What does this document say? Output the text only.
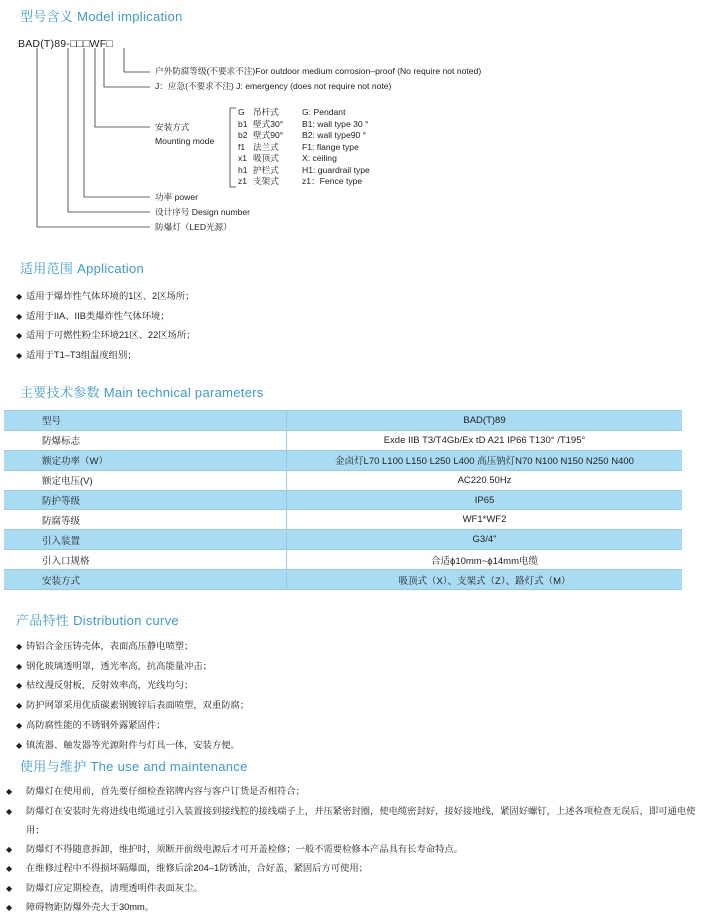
型号含义 Model implication
BAD(T)89-□□□WF□
户外防腐等级(不要求不注)For outdoor medium corrosion–proof (No require not noted)
J：应急(不要求不注) J: emergency (does not require not note)
安装方式
Mounting mode
功率 power
设计序号 Design number
防爆灯（LED光源）
G 吊杆式	G: Pendant
b1 壁式30°	B1: wall type 30 °
b2 壁式90°	B2: wall type90 °
f1 法兰式	F1: flange type
x1 吸顶式	X: ceiling
h1 护栏式	H1: guardrail type
z1 支架式	z1：Fence type
适用范围 Application
◆ 适用于爆炸性气体环境的1区、2区场所；
◆ 适用于IIA、IIB类爆炸性气体环境；
◆ 适用于可燃性粉尘环境21区、22区场所；
◆ 适用于T1–T3组温度组别；
主要技术参数 Main technical parameters
型号	BAD(T)89
防爆标志	Exde IIB T3/T4Gb/Ex tD A21 IP66 T130° /T195°
额定功率（W）	金卤灯L70 L100 L150 L250 L400 高压钠灯N70 N100 N150 N250 N400
额定电压(V)	AC220 50Hz
防护等级	IP65
防腐等级	WF1*WF2
引入装置	G3/4"
引入口规格	合适ϕ10mm~ϕ14mm电缆
安装方式	吸顶式（X）、支架式（Z）、路灯式（M）
产品特性 Distribution curve
◆ 铸铝合金压铸壳体，表面高压静电喷塑；
◆ 钢化玻璃透明罩，透光率高，抗高能量冲击；
◆ 枯纹漫反射板，反射效率高，光线均匀；
◆ 防护网罩采用优质碳素钢镀锌后表面喷塑，双重防腐；
◆ 高防腐性能的不锈钢外露紧固件；
◆ 镇流器、触发器等光源附件与灯具一体，安装方便。
使用与维护 The use and maintenance
◆ 防爆灯在使用前，首先要仔细检查铭牌内容与客户订货是否相符合；
◆ 防爆灯在安装时先将进线电缆通过引入装置接到接线腔的接线端子上，并压紧密封圈，使电缆密封好，接好接地线，紧固好螺钉，上述各项检查无误后，即可通电使用；
◆ 防爆灯不得随意拆卸，维护时，须断开前级电源后才可开盖检修；一般不需要检修本产品具有长寿命特点。
◆ 在维修过程中不得损坏隔爆面，维修后涂204–1防锈油，合好盖，紧固后方可使用；
◆ 防爆灯应定期检查，清理透明件表面灰尘。
◆ 障碍物距防爆外壳大于30mm。
